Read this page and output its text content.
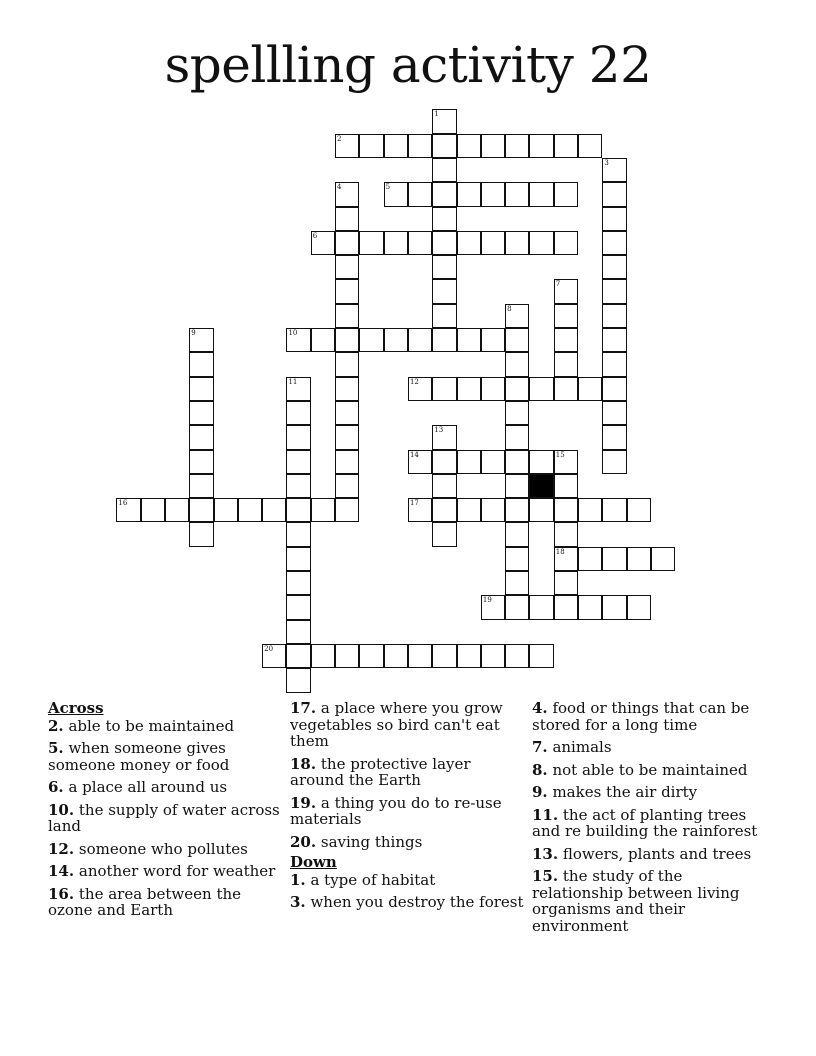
spellling activity 22
1
2
3
4	5
6
7
8
9	10
11	12
13
14	15
18
16	17
19
20
Across
2. able to be maintained
5. when someone gives someone money or food
6. a place all around us
10. the supply of water across land
12. someone who pollutes
14. another word for weather
16. the area between the ozone and Earth
17. a place where you grow vegetables so bird can't eat them
18. the protective layer around the Earth
19. a thing you do to re-use materials
20. saving things
Down
1. a type of habitat
3. when you destroy the forest
4. food or things that can be stored for a long time
7. animals
8. not able to be maintained
9. makes the air dirty
11. the act of planting trees and re building the rainforest
13. flowers, plants and trees
15. the study of the relationship between living organisms and their environment
